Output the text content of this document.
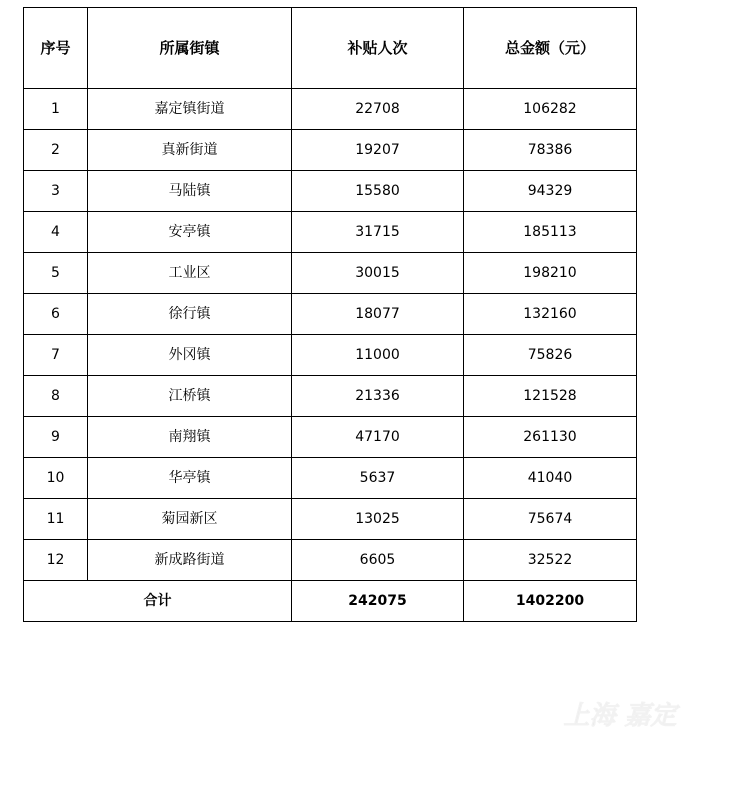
序号	所属街镇	补贴人次	总金额（元）
1	嘉定镇街道	22708	106282
2	真新街道	19207	78386
3	马陆镇	15580	94329
4	安亭镇	31715	185113
5	工业区	30015	198210
6	徐行镇	18077	132160
7	外冈镇	11000	75826
8	江桥镇	21336	121528
9	南翔镇	47170	261130
10	华亭镇	5637	41040
11	菊园新区	13025	75674
12	新成路街道	6605	32522
合计		242075	1402200
上海 嘉定
